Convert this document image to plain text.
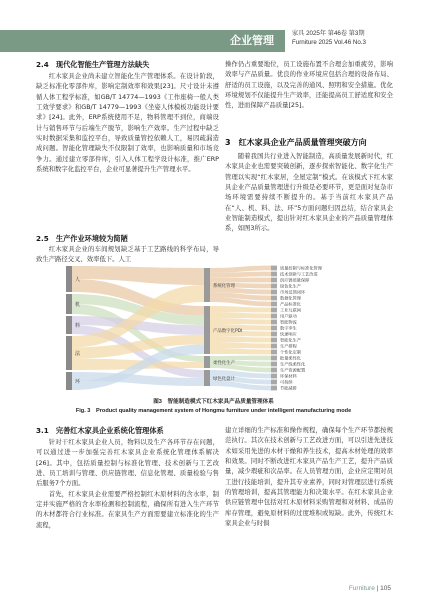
企业管理
家具 2025年 第46卷 第3期
Furniture 2025 Vol.46 No.3
2.4　现代化智能生产管理方法缺失

红木家具企业尚未建立智能化生产管理体系。在设计阶段，缺乏标准化零部件库，影响定制效率和效果[23]。尺寸设计未遵循人体工程学标准，如GB/T 14774—1993《工作座椅一般人类工效学要求》和GB/T 14779—1993《坐姿人体模板功能设计要求》[24]。此外，ERP系统使用不足，物料管理不到位，商端设计与销售环节与后端生产脱节，影响生产效率。生产过程中缺乏实时数据采集和监控平台，导致质量管控依赖人工，易因疏漏造成问题。智能化管理缺失不仅限制了效率，也影响质量和市场竞争力。通过建立零部件库，引入人体工程学设计标准，推广ERP系统和数字化监控平台，企业可显著提升生产管理水平。

2.5　生产作业环境较为简陋

红木家具企业的车间规划缺乏基于工艺路线的科学布局，导致生产路径交叉、效率低下。人工

操作仍占重要地位，员工设施布置不合理会加重疲劳，影响效率与产品质量。优良的作业环境应包括合理的设备布局、舒适的员工设施，以及完善的通风、照明和安全措施。优化环境规划不仅能提升生产效率，还能提高员工舒适度和安全性，进而保障产品质量[25]。

3　红木家具企业产品质量管理突破方向

随着我国共行业进入智能制造，高质量发展新时代，红木家具企业也需要突破创新，逐步探索智能化、数字化生产管理以实现“红木家居，全屋定制”模式。在该模式下红木家具企业产品质量管理进行升级是必要环节，更是面对复杂市场环境需要持续不断提升的。基于当前红木家具产品在“人、机、料、法、环”5方面问题归因总结，结合家具企业智能制造模式，提出针对红木家具企业的产品质量管理体系，如图3所示。

人
机
料
法
环
系统化管理
产品数字化PDI
柔性化生产
绿色化盘计
质量控制与标准化管理
技术创新与工艺改进
供应链质量保障
绿色化生产
市场反馈闭环
数据化管理
产品标准化
工业互联网
用户驱动
智能物流
数字孪生
快速响应
智能化生产
生产排程
个性化定制
批量柔性化
生产线柔性化
生产资源配置
环保材料
可持续
节能减排
图3　智能制造模式下红木家具产品质量管理体系
Fig. 3　Product quality management system of Hongmu furniture under intelligent manufacturing mode
3.1　完善红木家具企业系统化管理体系

针对干红木家具企业人员，物料以及生产各环节存在问题，可以通过进一步加强完善红木家具企业系统化管理体系解决[26]。其中，包括质量控制与标准化管理、技术创新与工艺改进、员工培训与管理、供应链管理、信息化管理、质量检验与售后服务7个方面。

首先，红木家具企业需要严格控制红木原材料的含水率，制定并实施严格的含水率检测和控制流程，确保所有进入生产环节的木材都符合行业标准。在家具生产方面需要建立标准化的生产流程，

建立详细的生产标准和操作规程，确保每个生产环节都按规范执行。其次在技术创新与工艺改进方面，可以引进先进技术如采用先进的木材干燥和养生技术，提高木材处理的效率和效果。同时不断改进红木家具产品生产工艺，提升产品质量，减少瑕疵和次品率。在人员管理方面，企业应定期对员工进行技能培训，提升其专业素养，同时对管理层进行系统的管理培训，提高其管理能力和决策水平。在红木家具企业供应链管理中包括对红木原材料采购管理和对材料、成品的库存管理，避免原材料的过度堆积或短缺。此外，传统红木家具企业与时俱

Furniture | 105
